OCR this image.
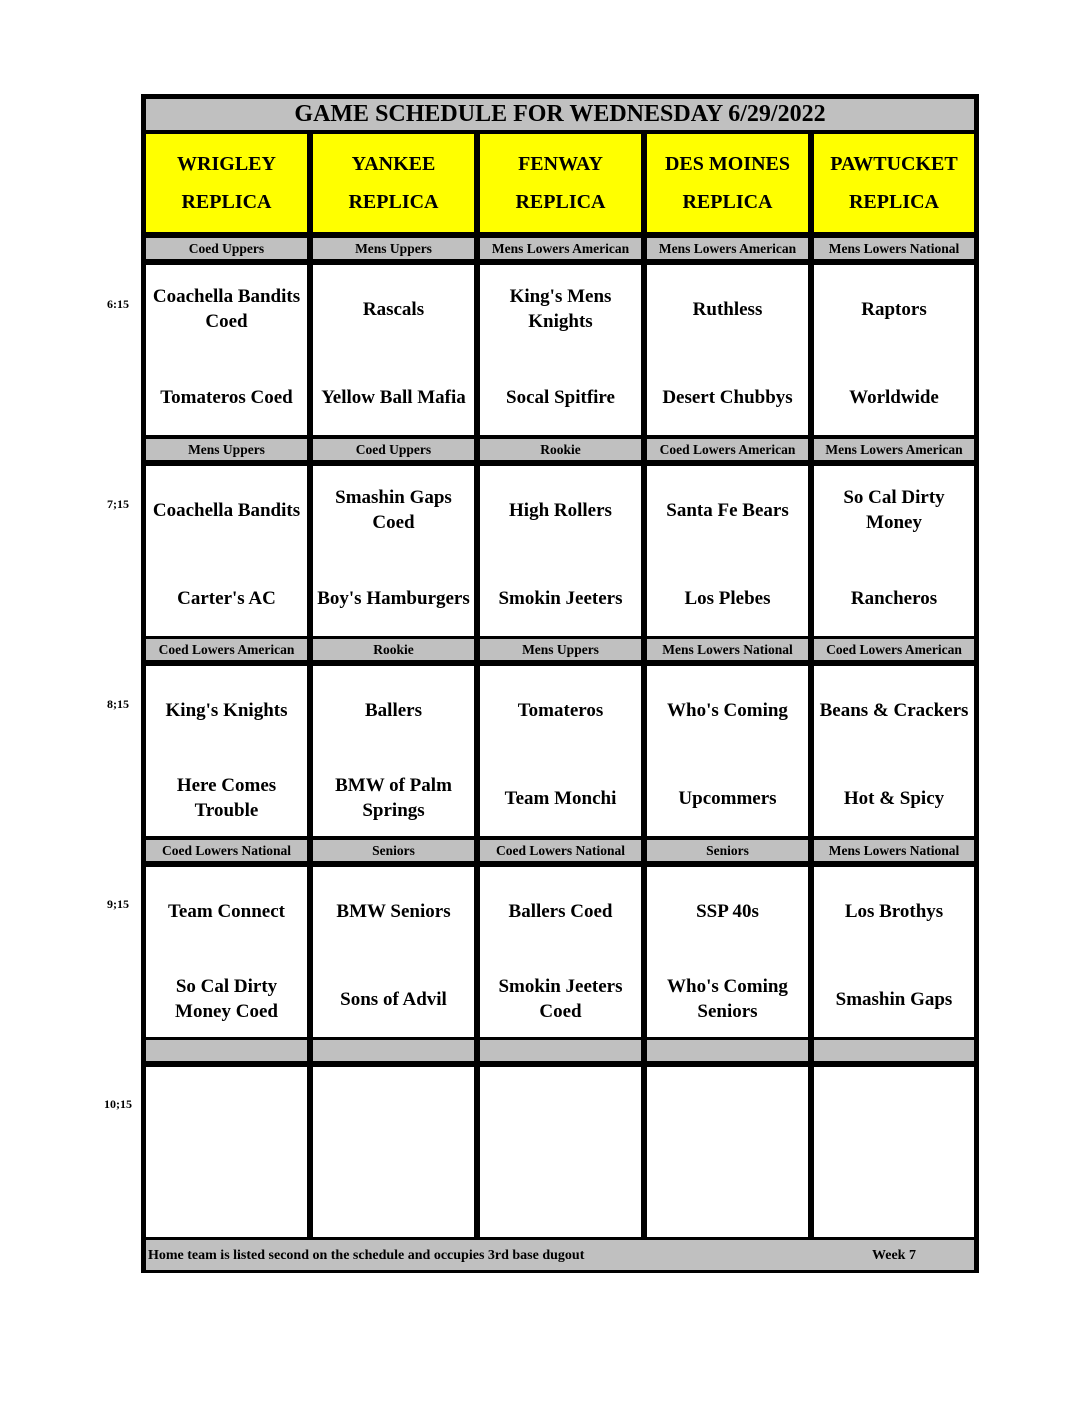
6:15
7;15
8;15
9;15
10;15
GAME SCHEDULE FOR WEDNESDAY 6/29/2022
WRIGLEY
REPLICA
YANKEE
REPLICA
FENWAY
REPLICA
DES MOINES
REPLICA
PAWTUCKET
REPLICA
Coed Uppers
Coachella Bandits Coed
Tomateros Coed
Mens Uppers
Rascals
Yellow Ball Mafia
Mens Lowers American
King's Mens Knights
Socal Spitfire
Mens Lowers American
Ruthless
Desert Chubbys
Mens Lowers National
Raptors
Worldwide
Mens Uppers
Coachella Bandits
Carter's AC
Coed Uppers
Smashin Gaps Coed
Boy's Hamburgers
Rookie
High Rollers
Smokin Jeeters
Coed Lowers American
Santa Fe Bears
Los Plebes
Mens Lowers American
So Cal Dirty Money
Rancheros
Coed Lowers American
King's Knights
Here Comes Trouble
Rookie
Ballers
BMW of Palm Springs
Mens Uppers
Tomateros
Team Monchi
Mens Lowers National
Who's Coming
Upcommers
Coed Lowers American
Beans & Crackers
Hot & Spicy
Coed Lowers National
Team Connect
So Cal Dirty Money Coed
Seniors
BMW Seniors
Sons of Advil
Coed Lowers National
Ballers Coed
Smokin Jeeters Coed
Seniors
SSP 40s
Who's Coming Seniors
Mens Lowers National
Los Brothys
Smashin Gaps
Home team is listed second on the schedule and occupies 3rd base dugout	Week 7
